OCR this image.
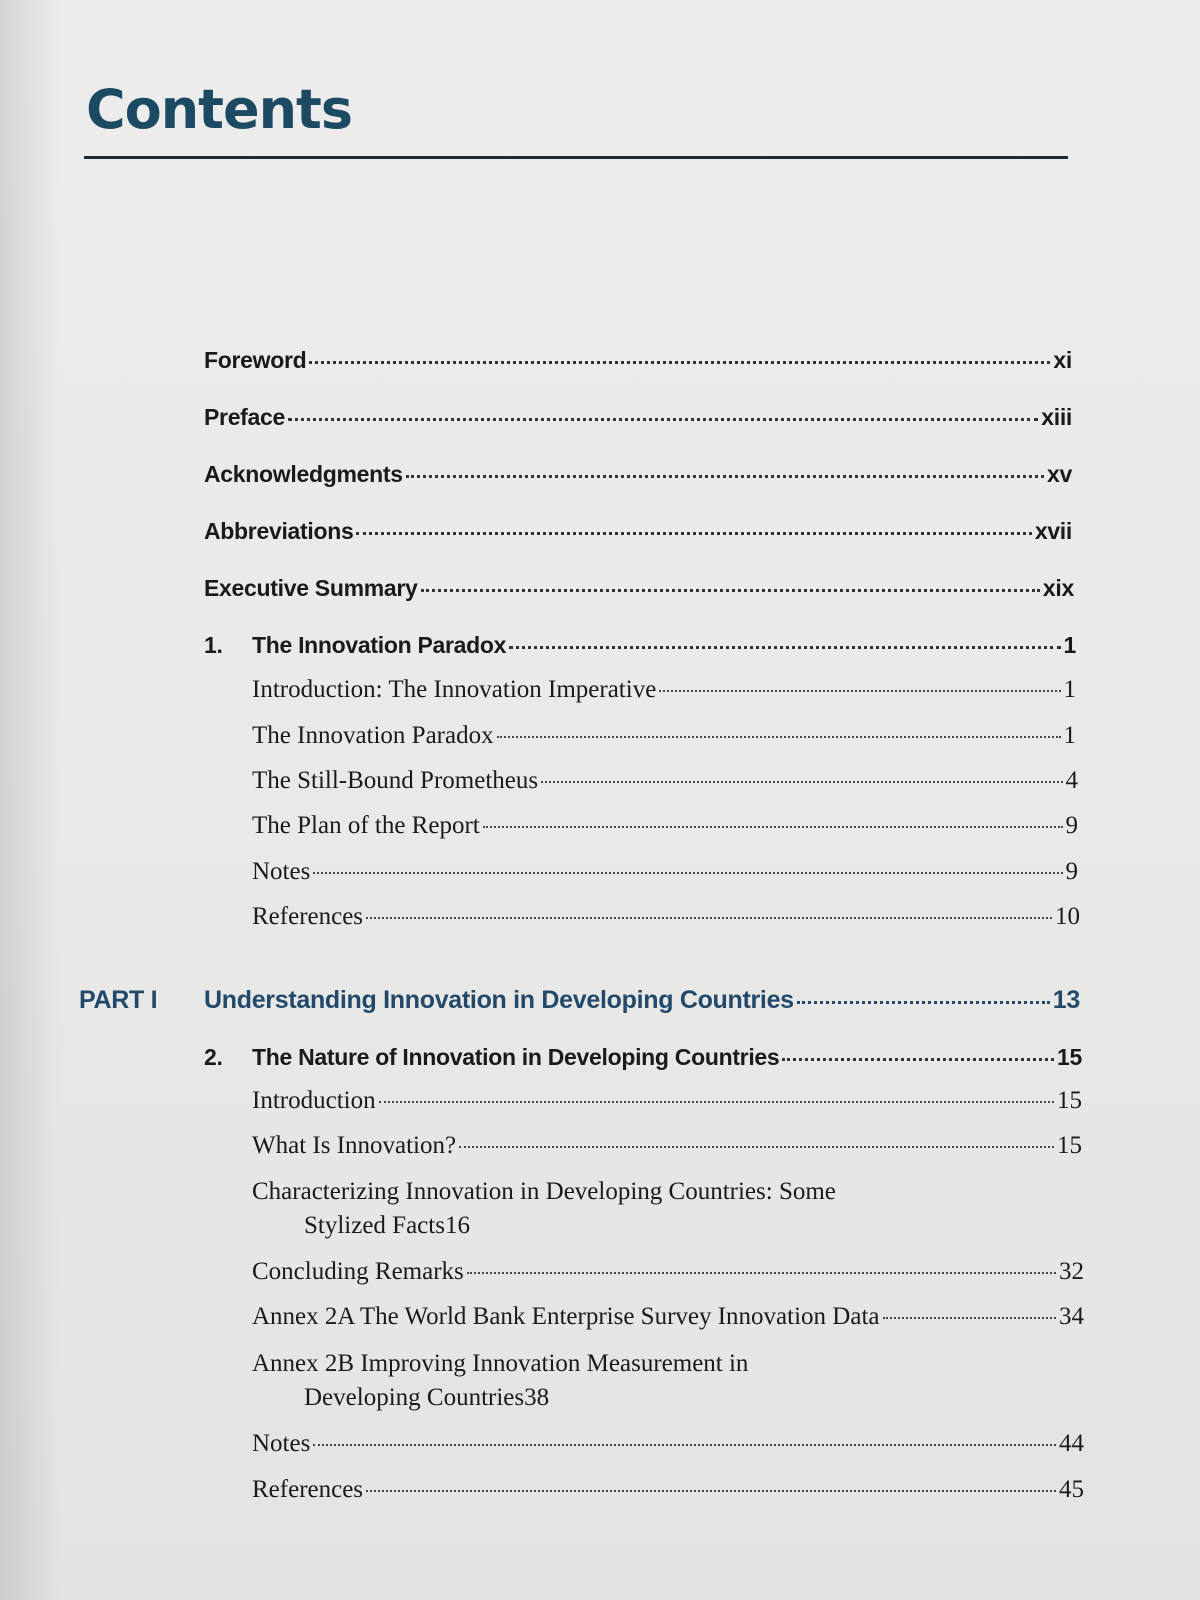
Contents
Foreword	xi
Preface	xiii
Acknowledgments	xv
Abbreviations	xvii
Executive Summary	xix
1.	The Innovation Paradox	1
Introduction: The Innovation Imperative	1
The Innovation Paradox	1
The Still-Bound Prometheus	4
The Plan of the Report	9
Notes	9
References	10
PART I Understanding Innovation in Developing Countries	13
2.	The Nature of Innovation in Developing Countries	15
Introduction	15
What Is Innovation?	15
Characterizing Innovation in Developing Countries: Some
Stylized Facts 16
Concluding Remarks	32
Annex 2A The World Bank Enterprise Survey Innovation Data	34
Annex 2B Improving Innovation Measurement in
Developing Countries 38
Notes	44
References	45
